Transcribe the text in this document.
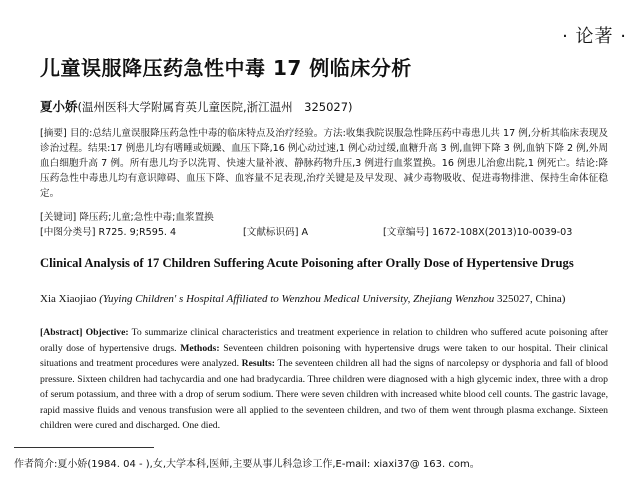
· 论著 ·
儿童误服降压药急性中毒 17 例临床分析
夏小娇(温州医科大学附属育英儿童医院,浙江温州　325027)
[摘要] 目的:总结儿童误服降压药急性中毒的临床特点及治疗经验。方法:收集我院误服急性降压药中毒患儿共 17 例,分析其临床表现及诊治过程。结果:17 例患儿均有嗜睡或烦躁、血压下降,16 例心动过速,1 例心动过缓,血糖升高 3 例,血钾下降 3 例,血钠下降 2 例,外周血白细胞升高 7 例。所有患儿均予以洗胃、快速大量补液、静脉药物升压,3 例进行血浆置换。16 例患儿治愈出院,1 例死亡。结论:降压药急性中毒患儿均有意识障碍、血压下降、血容量不足表现,治疗关键是及早发现、减少毒物吸收、促进毒物排泄、保持生命体征稳定。
[关键词] 降压药;儿童;急性中毒;血浆置换
[中图分类号] R725. 9;R595. 4	[文献标识码] A	[文章编号] 1672-108X(2013)10-0039-03
Clinical Analysis of 17 Children Suffering Acute Poisoning after Orally Dose of Hypertensive Drugs
Xia Xiaojiao (Yuying Children' s Hospital Affiliated to Wenzhou Medical University, Zhejiang Wenzhou 325027, China)
[Abstract] Objective: To summarize clinical characteristics and treatment experience in relation to children who suffered acute poisoning after orally dose of hypertensive drugs. Methods: Seventeen children poisoning with hypertensive drugs were taken to our hospital. Their clinical situations and treatment procedures were analyzed. Results: The seventeen children all had the signs of narcolepsy or dysphoria and fall of blood pressure. Sixteen children had tachycardia and one had bradycardia. Three children were diagnosed with a high glycemic index, three with a drop of serum potassium, and three with a drop of serum sodium. There were seven children with increased white blood cell counts. The gastric lavage, rapid massive fluids and venous transfusion were all applied to the seventeen children, and two of them went through plasma exchange. Sixteen children were cured and discharged. One died.
作者简介:夏小娇(1984. 04 - ),女,大学本科,医师,主要从事儿科急诊工作,E-mail: xiaxi37@ 163. com。
